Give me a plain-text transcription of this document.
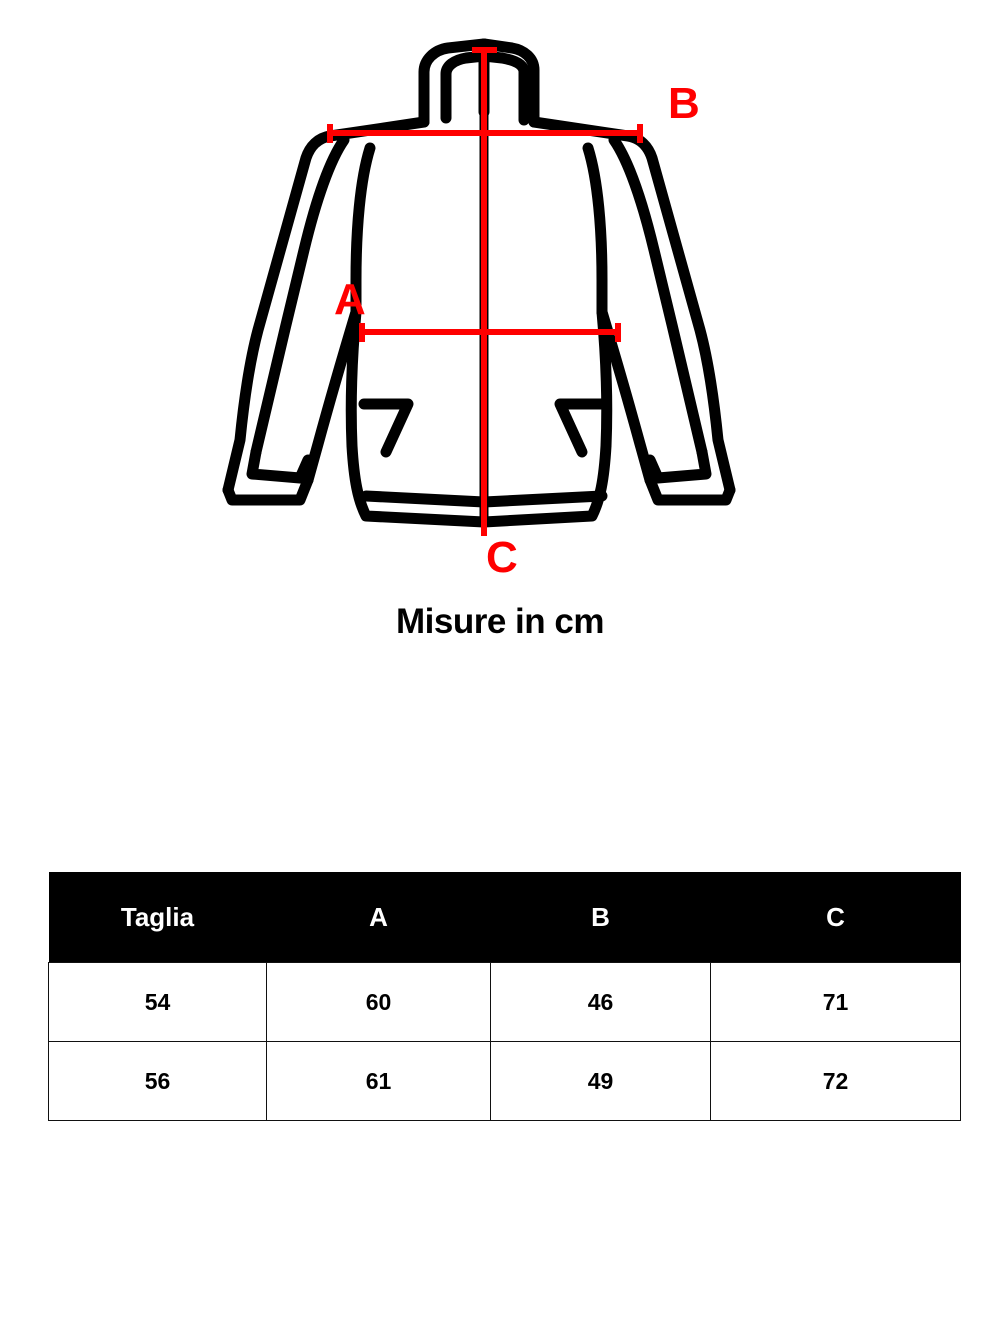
B
A
C
Misure in cm
Taglia	A	B	C
54	60	46	71
56	61	49	72
